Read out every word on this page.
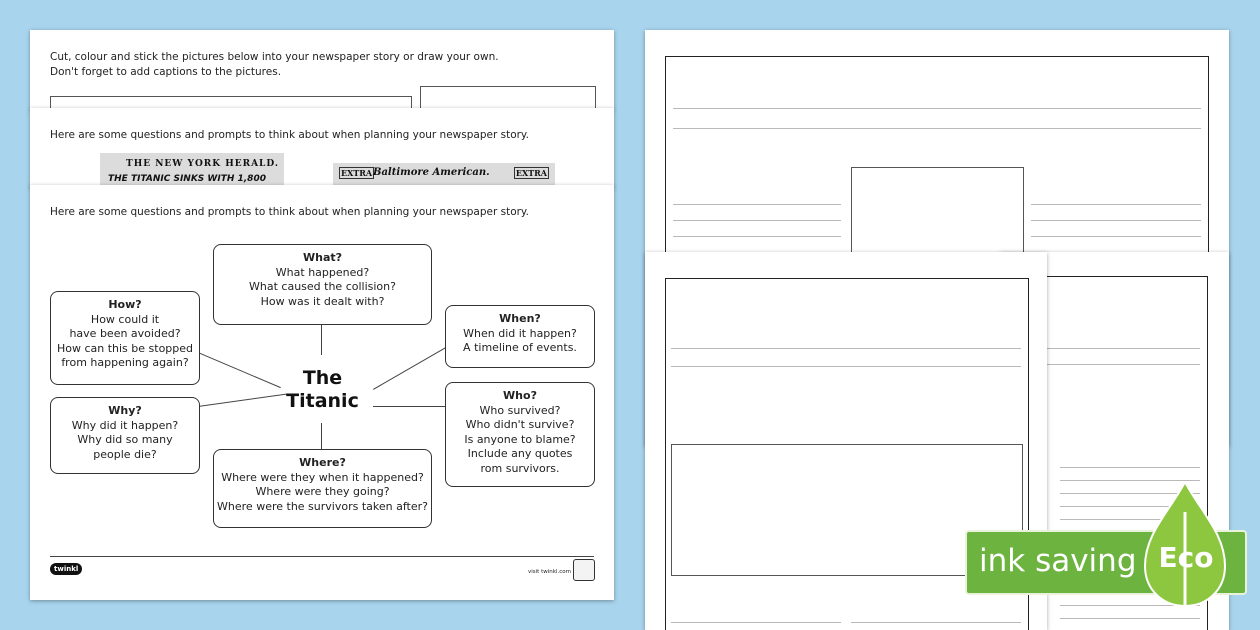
Cut, colour and stick the pictures below into your newspaper story or draw your own.
Don't forget to add captions to the pictures.
Here are some questions and prompts to think about when planning your newspaper story.
THE NEW YORK HERALD.
THE TITANIC SINKS WITH 1,800
EXTRA Baltimore American.	EXTRA
Here are some questions and prompts to think about when planning your newspaper story.
The
Titanic
What?
What happened?
What caused the collision?
How was it dealt with?
How?
How could it
have been avoided?
How can this be stopped
from happening again?
When?
When did it happen?
A timeline of events.
Why?
Why did it happen?
Why did so many
people die?
Who?
Who survived?
Who didn't survive?
Is anyone to blame?
Include any quotes
rom survivors.
Where?
Where were they when it happened?
Where were they going?
Where were the survivors taken after?
twinkl	visit twinkl.com	ink saving Eco
